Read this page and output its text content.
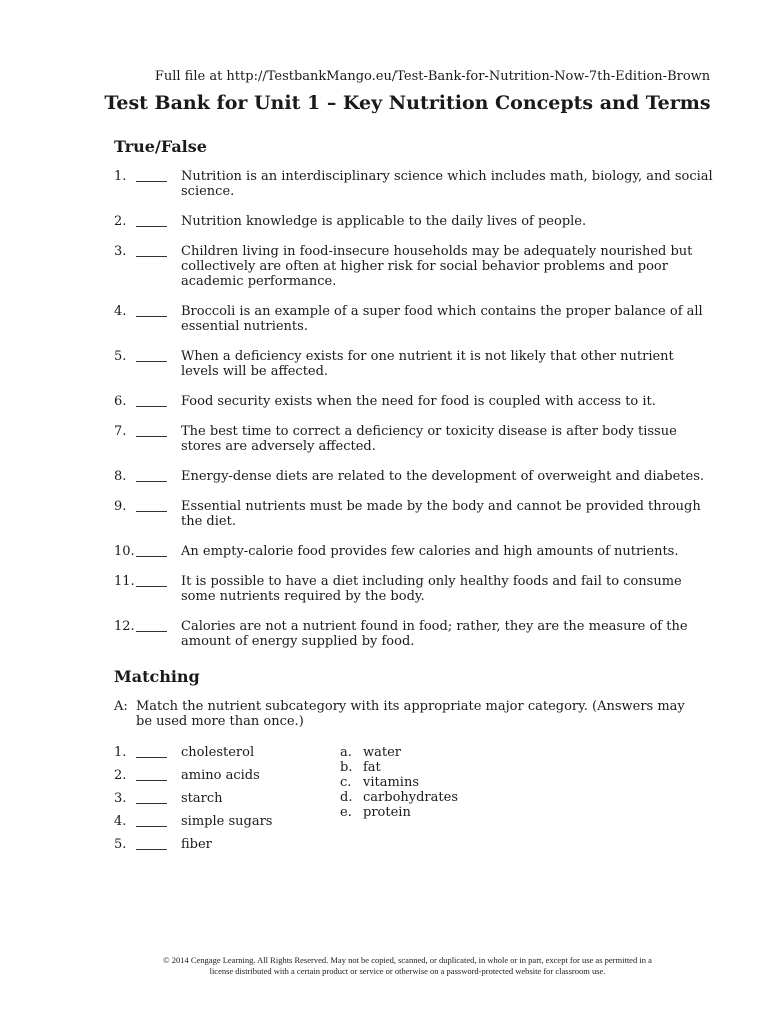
Full file at http://TestbankMango.eu/Test-Bank-for-Nutrition-Now-7th-Edition-Brown
Test Bank for Unit 1 – Key Nutrition Concepts and Terms
True/False
1.	Nutrition is an interdisciplinary science which includes math, biology, and social science.
2.	Nutrition knowledge is applicable to the daily lives of people.
3.	Children living in food-insecure households may be adequately nourished but collectively are often at higher risk for social behavior problems and poor academic performance.
4.	Broccoli is an example of a super food which contains the proper balance of all essential nutrients.
5.	When a deficiency exists for one nutrient it is not likely that other nutrient levels will be affected.
6.	Food security exists when the need for food is coupled with access to it.
7.	The best time to correct a deficiency or toxicity disease is after body tissue stores are adversely affected.
8.	Energy-dense diets are related to the development of overweight and diabetes.
9.	Essential nutrients must be made by the body and cannot be provided through the diet.
10.	An empty-calorie food provides few calories and high amounts of nutrients.
11.	It is possible to have a diet including only healthy foods and fail to consume some nutrients required by the body.
12.	Calories are not a nutrient found in food; rather, they are the measure of the amount of energy supplied by food.
Matching
A: Match the nutrient subcategory with its appropriate major category. (Answers may be used more than once.)
1.	cholesterol
2.	amino acids
3.	starch
4.	simple sugars
5.	fiber
a. water
b. fat
c. vitamins
d. carbohydrates
e. protein
© 2014 Cengage Learning. All Rights Reserved. May not be copied, scanned, or duplicated, in whole or in part, except for use as permitted in a
license distributed with a certain product or service or otherwise on a password-protected website for classroom use.
